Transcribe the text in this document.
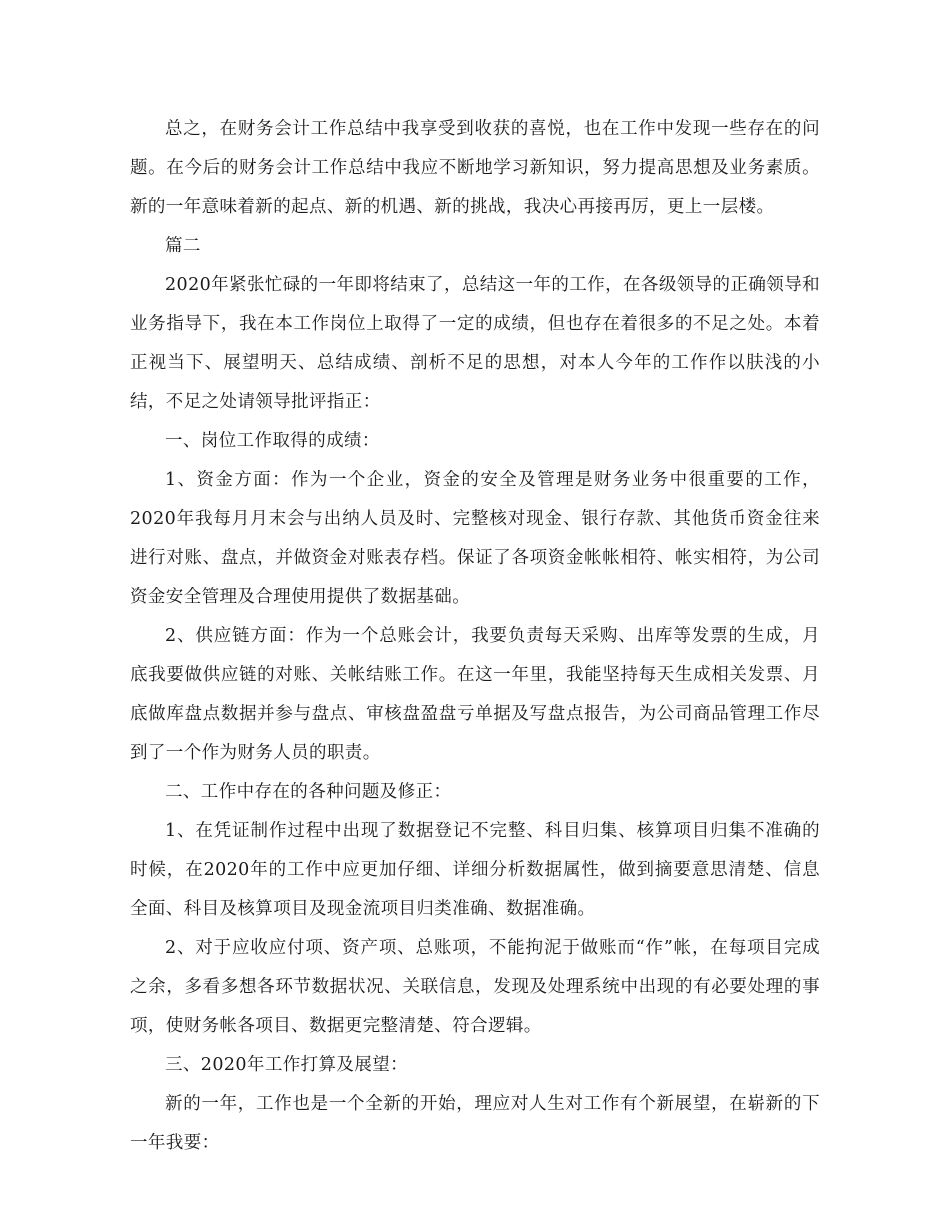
总之，在财务会计工作总结中我享受到收获的喜悦，也在工作中发现一些存在的问题。在今后的财务会计工作总结中我应不断地学习新知识，努力提高思想及业务素质。新的一年意味着新的起点、新的机遇、新的挑战，我决心再接再厉，更上一层楼。

篇二

2020年紧张忙碌的一年即将结束了，总结这一年的工作，在各级领导的正确领导和业务指导下，我在本工作岗位上取得了一定的成绩，但也存在着很多的不足之处。本着正视当下、展望明天、总结成绩、剖析不足的思想，对本人今年的工作作以肤浅的小结，不足之处请领导批评指正：

一、岗位工作取得的成绩：

1、资金方面：作为一个企业，资金的安全及管理是财务业务中很重要的工作，2020年我每月月末会与出纳人员及时、完整核对现金、银行存款、其他货币资金往来进行对账、盘点，并做资金对账表存档。保证了各项资金帐帐相符、帐实相符，为公司资金安全管理及合理使用提供了数据基础。

2、供应链方面：作为一个总账会计，我要负责每天采购、出库等发票的生成，月底我要做供应链的对账、关帐结账工作。在这一年里，我能坚持每天生成相关发票、月底做库盘点数据并参与盘点、审核盘盈盘亏单据及写盘点报告，为公司商品管理工作尽到了一个作为财务人员的职责。

二、工作中存在的各种问题及修正：

1、在凭证制作过程中出现了数据登记不完整、科目归集、核算项目归集不准确的时候，在2020年的工作中应更加仔细、详细分析数据属性，做到摘要意思清楚、信息全面、科目及核算项目及现金流项目归类准确、数据准确。

2、对于应收应付项、资产项、总账项，不能拘泥于做账而“作”帐，在每项目完成之余，多看多想各环节数据状况、关联信息，发现及处理系统中出现的有必要处理的事项，使财务帐各项目、数据更完整清楚、符合逻辑。

三、2020年工作打算及展望：

新的一年，工作也是一个全新的开始，理应对人生对工作有个新展望，在崭新的下一年我要：
